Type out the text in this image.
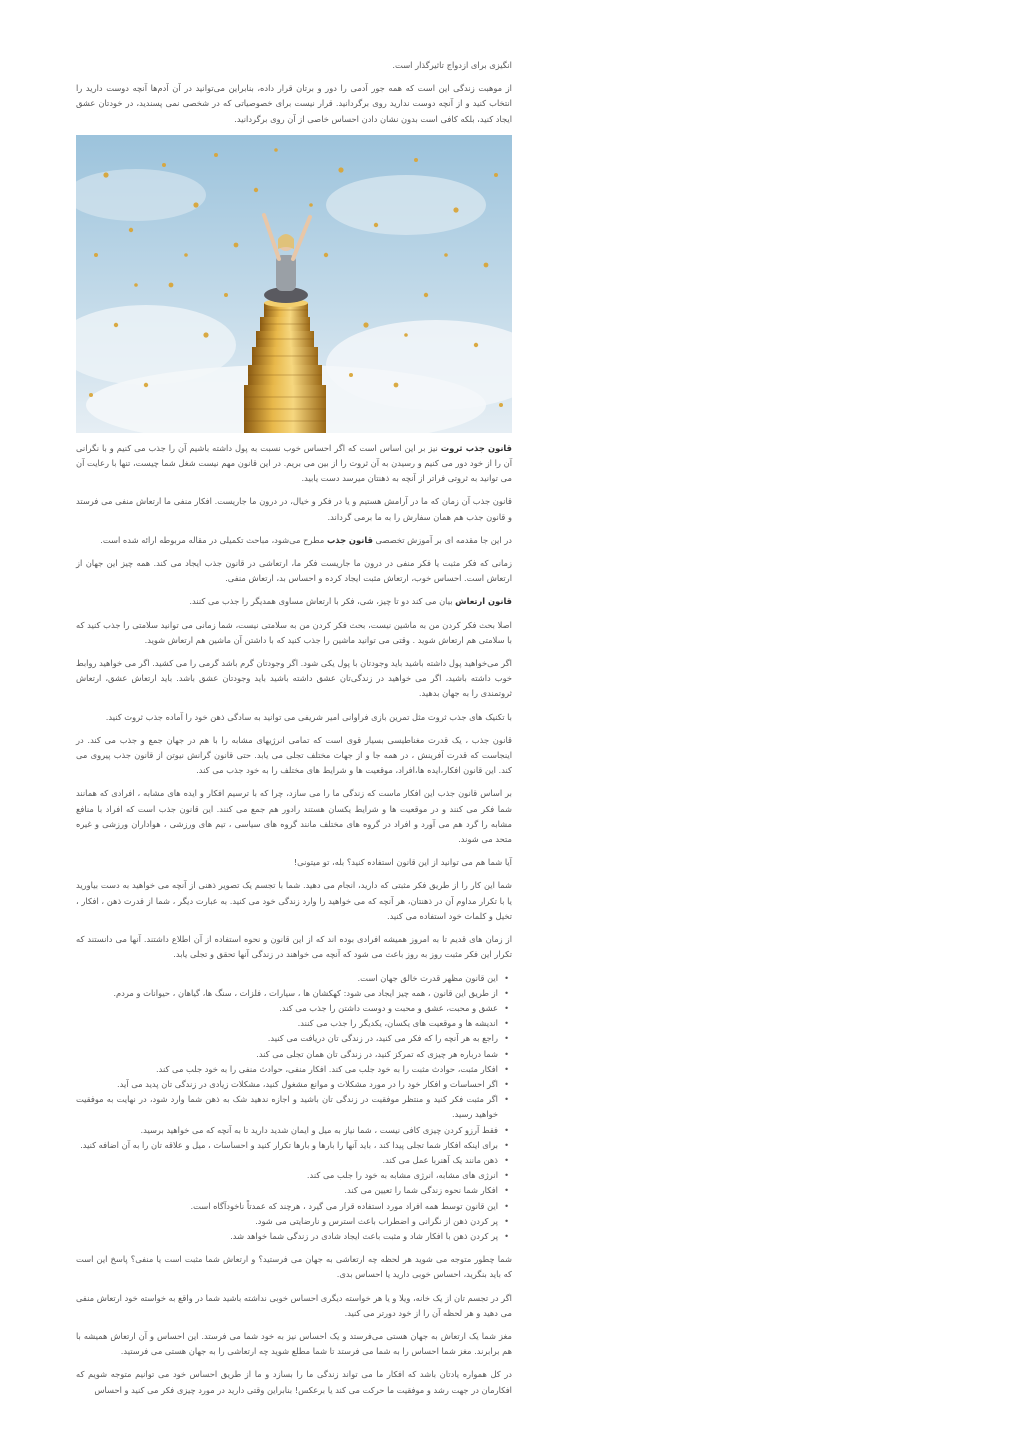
انگیزی برای ازدواج تاثیرگذار است.

از موهبت زندگی این است که همه جور آدمی را دور و برتان قرار داده، بنابراین می‌توانید در آن آدم‌ها آنچه دوست دارید را انتخاب کنید و از آنچه دوست ندارید روی برگردانید. قرار نیست برای خصوصیاتی که در شخصی نمی پسندید، در خودتان عشق ایجاد کنید، بلکه کافی است بدون نشان دادن احساس خاصی از آن روی برگردانید.

قانون جذب ثروت نیز بر این اساس است که اگر احساس خوب نسبت به پول داشته باشیم آن را جذب می کنیم و با نگرانی آن را از خود دور می کنیم و رسیدن به آن ثروت را از بین می بریم. در این قانون مهم نیست شغل شما چیست، تنها با رعایت آن می توانید به ثروتی فراتر از آنچه به ذهنتان میرسد دست یابید.

قانون جذب آن زمان که ما در آرامش هستیم و یا در فکر و خیال، در درون ما جاریست. افکار منفی ما ارتعاش منفی می فرستد و قانون جذب هم همان سفارش را به ما برمی گرداند.

در این جا مقدمه ای بر آموزش تخصصی قانون جذب مطرح می‌شود، مباحث تکمیلی در مقاله مربوطه ارائه شده است.

زمانی که فکر مثبت یا فکر منفی در درون ما جاریست فکر ما، ارتعاشی در قانون جذب ایجاد می کند. همه چیز این جهان از ارتعاش است. احساس خوب، ارتعاش مثبت ایجاد کرده و احساس بد، ارتعاش منفی.

قانون ارتعاش بیان می کند دو تا چیز، شی، فکر با ارتعاش مساوی همدیگر را جذب می کنند.

اصلا بحث فکر کردن من به ماشین نیست، بحث فکر کردن من به سلامتی نیست، شما زمانی می توانید سلامتی را جذب کنید که با سلامتی هم ارتعاش شوید . وقتی می توانید ماشین را جذب کنید که با داشتن آن ماشین هم ارتعاش شوید.

اگر می‌خواهید پول داشته باشید باید وجودتان با پول یکی شود. اگر وجودتان گرم باشد گرمی را می کشید. اگر می خواهید روابط خوب داشته باشید، اگر می خواهید در زندگی‌تان عشق داشته باشید باید وجودتان عشق باشد. باید ارتعاش عشق، ارتعاش ثروتمندی را به جهان بدهید.

با تکنیک های جذب ثروت مثل تمرین بازی فراوانی امیر شریفی می توانید به سادگی ذهن خود را آماده جذب ثروت کنید.

قانون جذب ، یک قدرت مغناطیسی بسیار قوی است که تمامی انرژیهای مشابه را با هم در جهان جمع و جذب می کند. در اینجاست که قدرت آفرینش ، در همه جا و از جهات مختلف تجلی می یابد. حتی قانون گرانش نیوتن از قانون جذب پیروی می کند. این قانون افکار،ایده ها،افراد، موقعیت ها و شرایط های مختلف را به خود جذب می کند.

بر اساس قانون جذب این افکار ماست که زندگی ما را می سازد، چرا که با ترسیم افکار و ایده های مشابه ، افرادی که همانند شما فکر می کنند و در موقعیت ها و شرایط یکسان هستند رادور هم جمع می کنند. این قانون جذب است که افراد با منافع مشابه را گرد هم می آورد و افراد در گروه های مختلف مانند گروه های سیاسی ، تیم های ورزشی ، هواداران ورزشی و غیره متحد می شوند.

آیا شما هم می توانید از این قانون استفاده کنید؟ بله، تو میتونی!

شما این کار را از طریق فکر مثبتی که دارید، انجام می دهید. شما با تجسم یک تصویر ذهنی از آنچه می خواهید به دست بیاورید یا با تکرار مداوم آن در ذهنتان، هر آنچه که می خواهید را وارد زندگی خود می کنید. به عبارت دیگر ، شما از قدرت ذهن ، افکار ، تخیل و کلمات خود استفاده می کنید.

از زمان های قدیم تا به امروز همیشه افرادی بوده اند که از این قانون و نحوه استفاده از آن اطلاع داشتند. آنها می دانستند که تکرار این فکر مثبت روز به روز باعث می شود که آنچه می خواهند در زندگی آنها تحقق و تجلی یابد.

• این قانون مظهر قدرت خالق جهان است.
• از طریق این قانون ، همه چیز ایجاد می شود: کهکشان ها ، سیارات ، فلزات ، سنگ ها، گیاهان ، حیوانات و مردم.
• عشق و محبت، عشق و محبت و دوست داشتن را جذب می کند.
• اندیشه ها و موقعیت های یکسان، یکدیگر را جذب می کنند.
• راجع به هر آنچه را که فکر می کنید، در زندگی تان دریافت می کنید.
• شما درباره هر چیزی که تمرکز کنید، در زندگی تان همان تجلی می کند.
• افکار مثبت، حوادث مثبت را به خود جلب می کند. افکار منفی، حوادث منفی را به خود جلب می کند.
• اگر احساسات و افکار خود را در مورد مشکلات و موانع مشغول کنید، مشکلات زیادی در زندگی تان پدید می آید.
• اگر مثبت فکر کنید و منتظر موفقیت در زندگی تان باشید و اجازه ندهید شک به ذهن شما وارد شود، در نهایت به موفقیت خواهید رسید.
• فقط آرزو کردن چیزی کافی نیست ، شما نیاز به میل و ایمان شدید دارید تا به آنچه که می خواهید برسید.
• برای اینکه افکار شما تجلی پیدا کند ، باید آنها را بارها و بارها تکرار کنید و احساسات ، میل و علاقه تان را به آن اضافه کنید.
• ذهن مانند یک آهنربا عمل می کند.
• انرژی های مشابه، انرژی مشابه به خود را جلب می کند.
• افکار شما نحوه زندگی شما را تعیین می کند.
• این قانون توسط همه افراد مورد استفاده قرار می گیرد ، هرچند که عمدتاً ناخودآگاه است.
• پر کردن ذهن از نگرانی و اضطراب باعث استرس و نارضایتی می شود.
• پر کردن ذهن با افکار شاد و مثبت باعث ایجاد شادی در زندگی شما خواهد شد.

شما چطور متوجه می شوید هر لحظه چه ارتعاشی به جهان می فرستید؟ و ارتعاش شما مثبت است یا منفی؟ پاسخ این است که باید بنگرید، احساس خوبی دارید یا احساس بدی.

اگر در تجسم تان از یک خانه، ویلا و یا هر خواسته دیگری احساس خوبی نداشته باشید شما در واقع به خواسته خود ارتعاش منفی می دهید و هر لحظه آن را از خود دورتر می کنید.

مغز شما یک ارتعاش به جهان هستی می‌فرستد و یک احساس نیز به خود شما می فرستد. این احساس و آن ارتعاش همیشه با هم برابرند. مغز شما احساس را به شما می فرستد تا شما مطلع شوید چه ارتعاشی را به جهان هستی می فرستید.

در کل همواره یادتان باشد که افکار ما می تواند زندگی ما را بسازد و ما از طریق احساس خود می توانیم متوجه شویم که افکارمان در جهت رشد و موفقیت ما حرکت می کند یا برعکس! بنابراین وقتی دارید در مورد چیزی فکر می کنید و احساس
